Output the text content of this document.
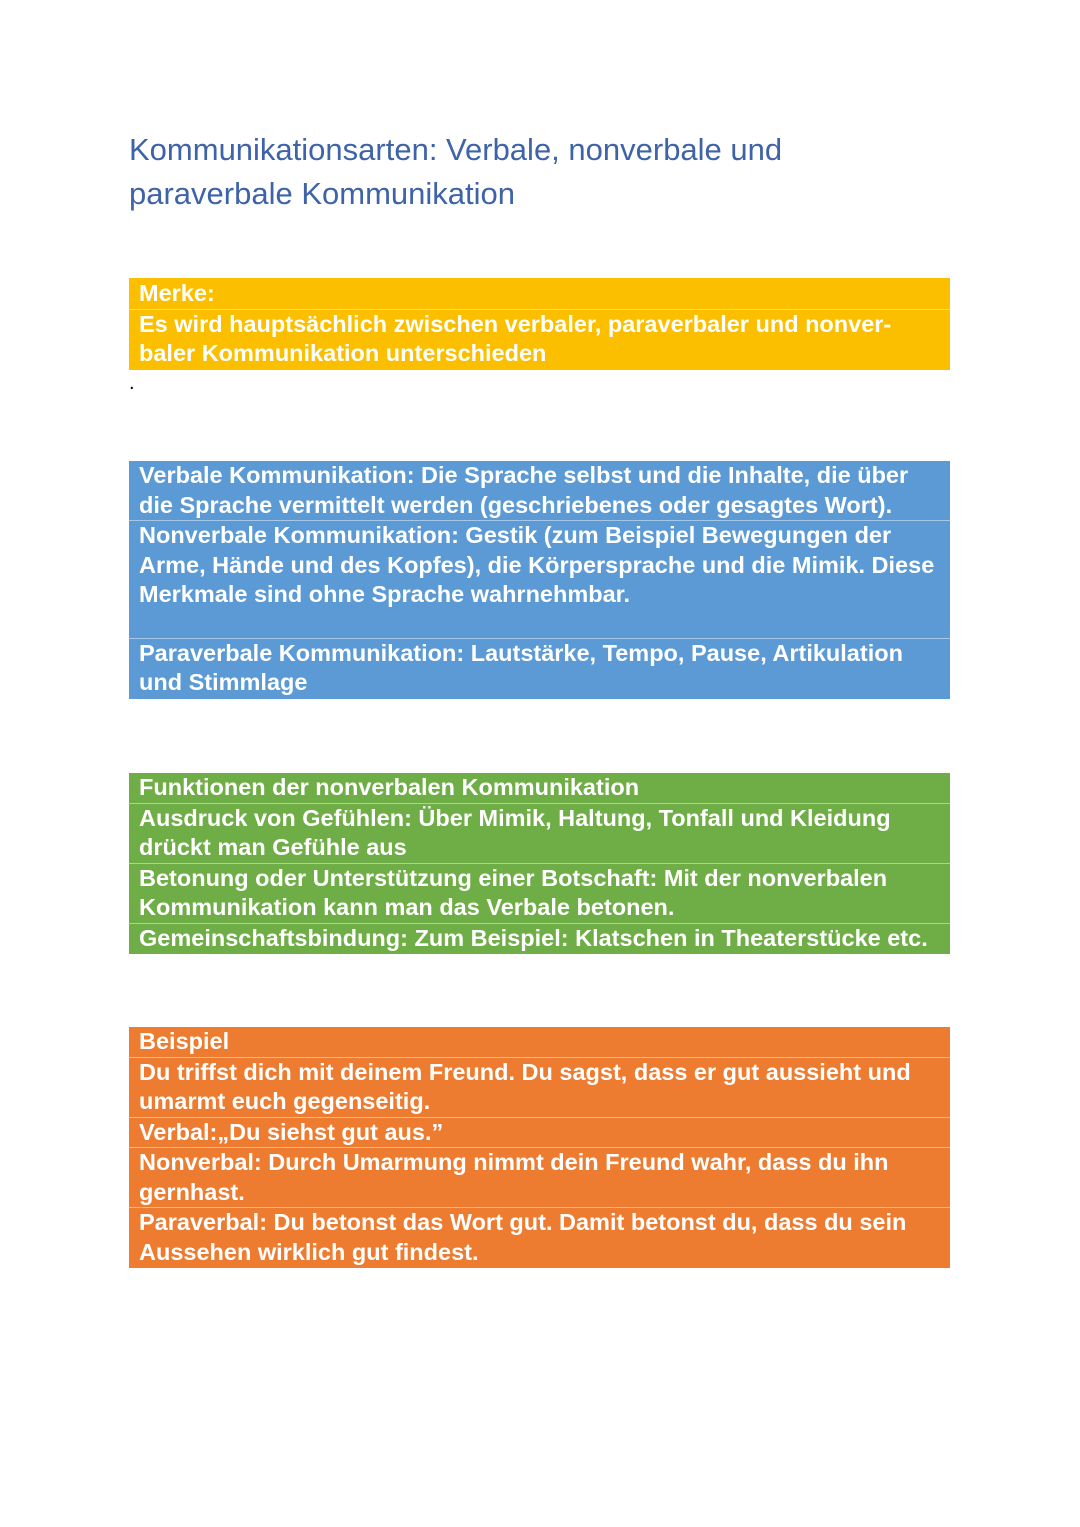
Kommunikationsarten: Verbale, nonverbale und paraverbale Kommunikation
Merke:
Es wird hauptsächlich zwischen verbaler, paraverbaler und nonver-baler Kommunikation unterschieden
.
Verbale Kommunikation: Die Sprache selbst und die Inhalte, die über die Sprache vermittelt werden (geschriebenes oder gesagtes Wort).
Nonverbale Kommunikation: Gestik (zum Beispiel Bewegungen der Arme, Hände und des Kopfes), die Körpersprache und die Mimik. Diese Merkmale sind ohne Sprache wahrnehmbar.
Paraverbale Kommunikation: Lautstärke, Tempo, Pause, Artikulation und Stimmlage
Funktionen der nonverbalen Kommunikation
Ausdruck von Gefühlen: Über Mimik, Haltung, Tonfall und Kleidung drückt man Gefühle aus
Betonung oder Unterstützung einer Botschaft: Mit der nonverbalen Kommunikation kann man das Verbale betonen.
Gemeinschaftsbindung: Zum Beispiel: Klatschen in Theaterstücke etc.
Beispiel
Du triffst dich mit deinem Freund. Du sagst, dass er gut aussieht und umarmt euch gegenseitig.
Verbal:„Du siehst gut aus.”
Nonverbal: Durch Umarmung nimmt dein Freund wahr, dass du ihn gernhast.
Paraverbal: Du betonst das Wort gut. Damit betonst du, dass du sein Aussehen wirklich gut findest.
